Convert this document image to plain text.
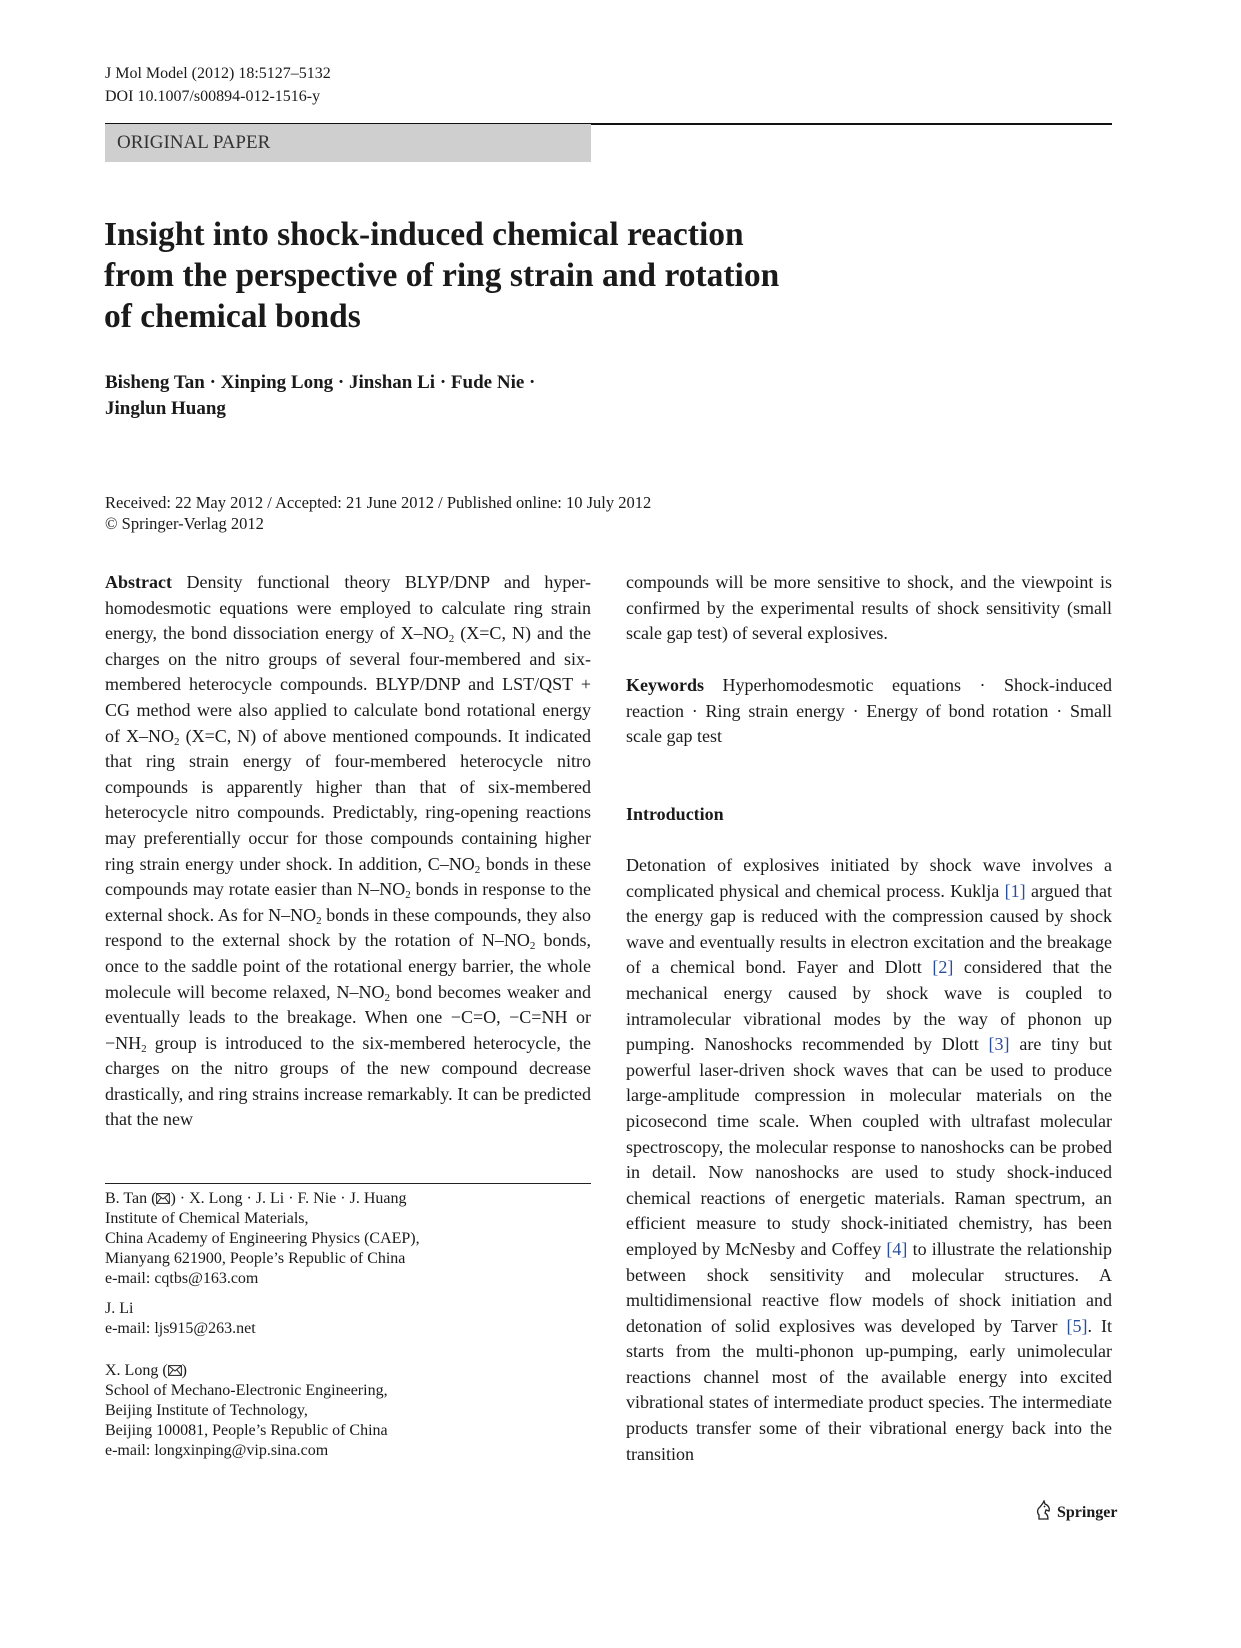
J Mol Model (2012) 18:5127–5132
DOI 10.1007/s00894-012-1516-y
ORIGINAL PAPER
Insight into shock-induced chemical reaction
from the perspective of ring strain and rotation
of chemical bonds
Bisheng Tan · Xinping Long · Jinshan Li · Fude Nie ·
Jinglun Huang
Received: 22 May 2012 / Accepted: 21 June 2012 / Published online: 10 July 2012
© Springer-Verlag 2012
Abstract Density functional theory BLYP/DNP and hyper-homodesmotic equations were employed to calculate ring strain energy, the bond dissociation energy of $X-NO_2$ (X=C, N) and the charges on the nitro groups of several four-membered and six-membered heterocycle compounds. BLYP/DNP and LST/QST + CG method were also applied to calculate bond rotational energy of $X-NO_2$ (X=C, N) of above mentioned compounds. It indicated that ring strain energy of four-membered heterocycle nitro compounds is apparently higher than that of six-membered heterocycle nitro compounds. Predictably, ring-opening reactions may preferentially occur for those compounds containing higher ring strain energy under shock. In addition, $C-NO_2$ bonds in these compounds may rotate easier than $N-NO_2$ bonds in response to the external shock. As for $N-NO_2$ bonds in these compounds, they also respond to the external shock by the rotation of $N-NO_2$ bonds, once to the saddle point of the rotational energy barrier, the whole molecule will become relaxed, $N-NO_2$ bond becomes weaker and eventually leads to the breakage. When one −C=O, −C=NH or $-NH_2$ group is introduced to the six-membered heterocycle, the charges on the nitro groups of the new compound decrease drastically, and ring strains increase remarkably. It can be predicted that the new
compounds will be more sensitive to shock, and the viewpoint is confirmed by the experimental results of shock sensitivity (small scale gap test) of several explosives.
Keywords Hyperhomodesmotic equations · Shock-induced reaction · Ring strain energy · Energy of bond rotation · Small scale gap test
Introduction
Detonation of explosives initiated by shock wave involves a complicated physical and chemical process. Kuklja [1] argued that the energy gap is reduced with the compression caused by shock wave and eventually results in electron excitation and the breakage of a chemical bond. Fayer and Dlott [2] considered that the mechanical energy caused by shock wave is coupled to intramolecular vibrational modes by the way of phonon up pumping. Nanoshocks recommended by Dlott [3] are tiny but powerful laser-driven shock waves that can be used to produce large-amplitude compression in molecular materials on the picosecond time scale. When coupled with ultrafast molecular spectroscopy, the molecular response to nanoshocks can be probed in detail. Now nanoshocks are used to study shock-induced chemical reactions of energetic materials. Raman spectrum, an efficient measure to study shock-initiated chemistry, has been employed by McNesby and Coffey [4] to illustrate the relationship between shock sensitivity and molecular structures. A multidimensional reactive flow models of shock initiation and detonation of solid explosives was developed by Tarver [5]. It starts from the multi-phonon up-pumping, early unimolecular reactions channel most of the available energy into excited vibrational states of intermediate product species. The intermediate products transfer some of their vibrational energy back into the transition
B. Tan ( ) · X. Long · J. Li · F. Nie · J. Huang
Institute of Chemical Materials,
China Academy of Engineering Physics (CAEP),
Mianyang 621900, People’s Republic of China
e-mail: cqtbs@163.com
J. Li
e-mail: ljs915@263.net
X. Long ( )
School of Mechano-Electronic Engineering,
Beijing Institute of Technology,
Beijing 100081, People’s Republic of China
e-mail: longxinping@vip.sina.com
Springer
